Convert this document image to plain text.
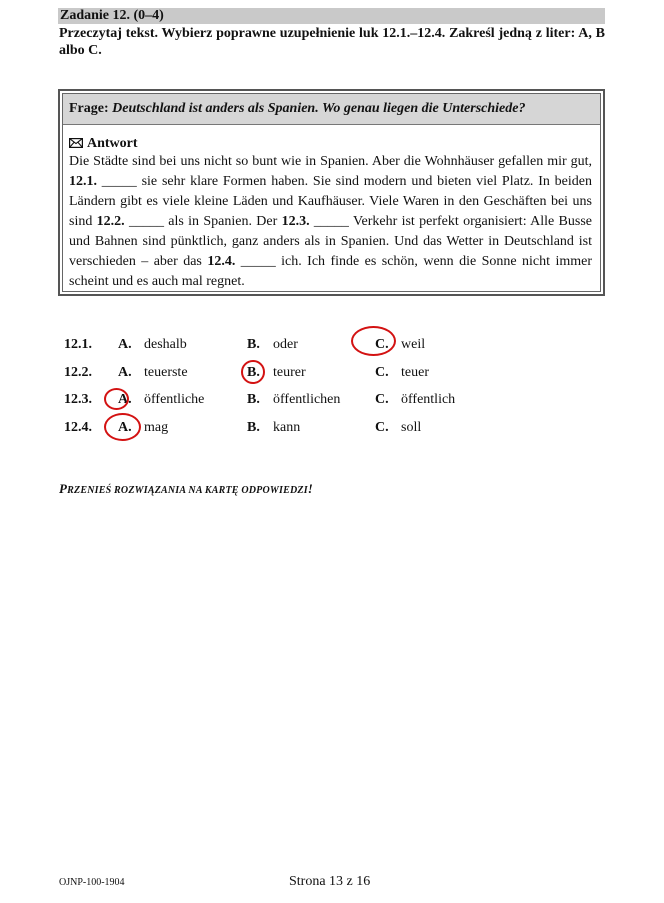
Zadanie 12. (0–4)
Przeczytaj tekst. Wybierz poprawne uzupełnienie luk 12.1.–12.4. Zakreśl jedną z liter: A, B albo C.
Frage: Deutschland ist anders als Spanien. Wo genau liegen die Unterschiede?
Antwort
Die Städte sind bei uns nicht so bunt wie in Spanien. Aber die Wohnhäuser gefallen mir gut, 12.1. _____ sie sehr klare Formen haben. Sie sind modern und bieten viel Platz. In beiden Ländern gibt es viele kleine Läden und Kaufhäuser. Viele Waren in den Geschäften bei uns sind 12.2. _____ als in Spanien. Der 12.3. _____ Verkehr ist perfekt organisiert: Alle Busse und Bahnen sind pünktlich, ganz anders als in Spanien. Und das Wetter in Deutschland ist verschieden – aber das 12.4. _____ ich. Ich finde es schön, wenn die Sonne nicht immer scheint und es auch mal regnet.
12.1. A. deshalb	B. oder	C. weil
12.2. A. teuerste	B. teurer	C. teuer
12.3. A. öffentliche	B. öffentlichen C. öffentlich
12.4. A. mag	B. kann	C. soll
PRZENIEŚ ROZWIĄZANIA NA KARTĘ ODPOWIEDZI!
OJNP-100-1904	Strona 13 z 16
